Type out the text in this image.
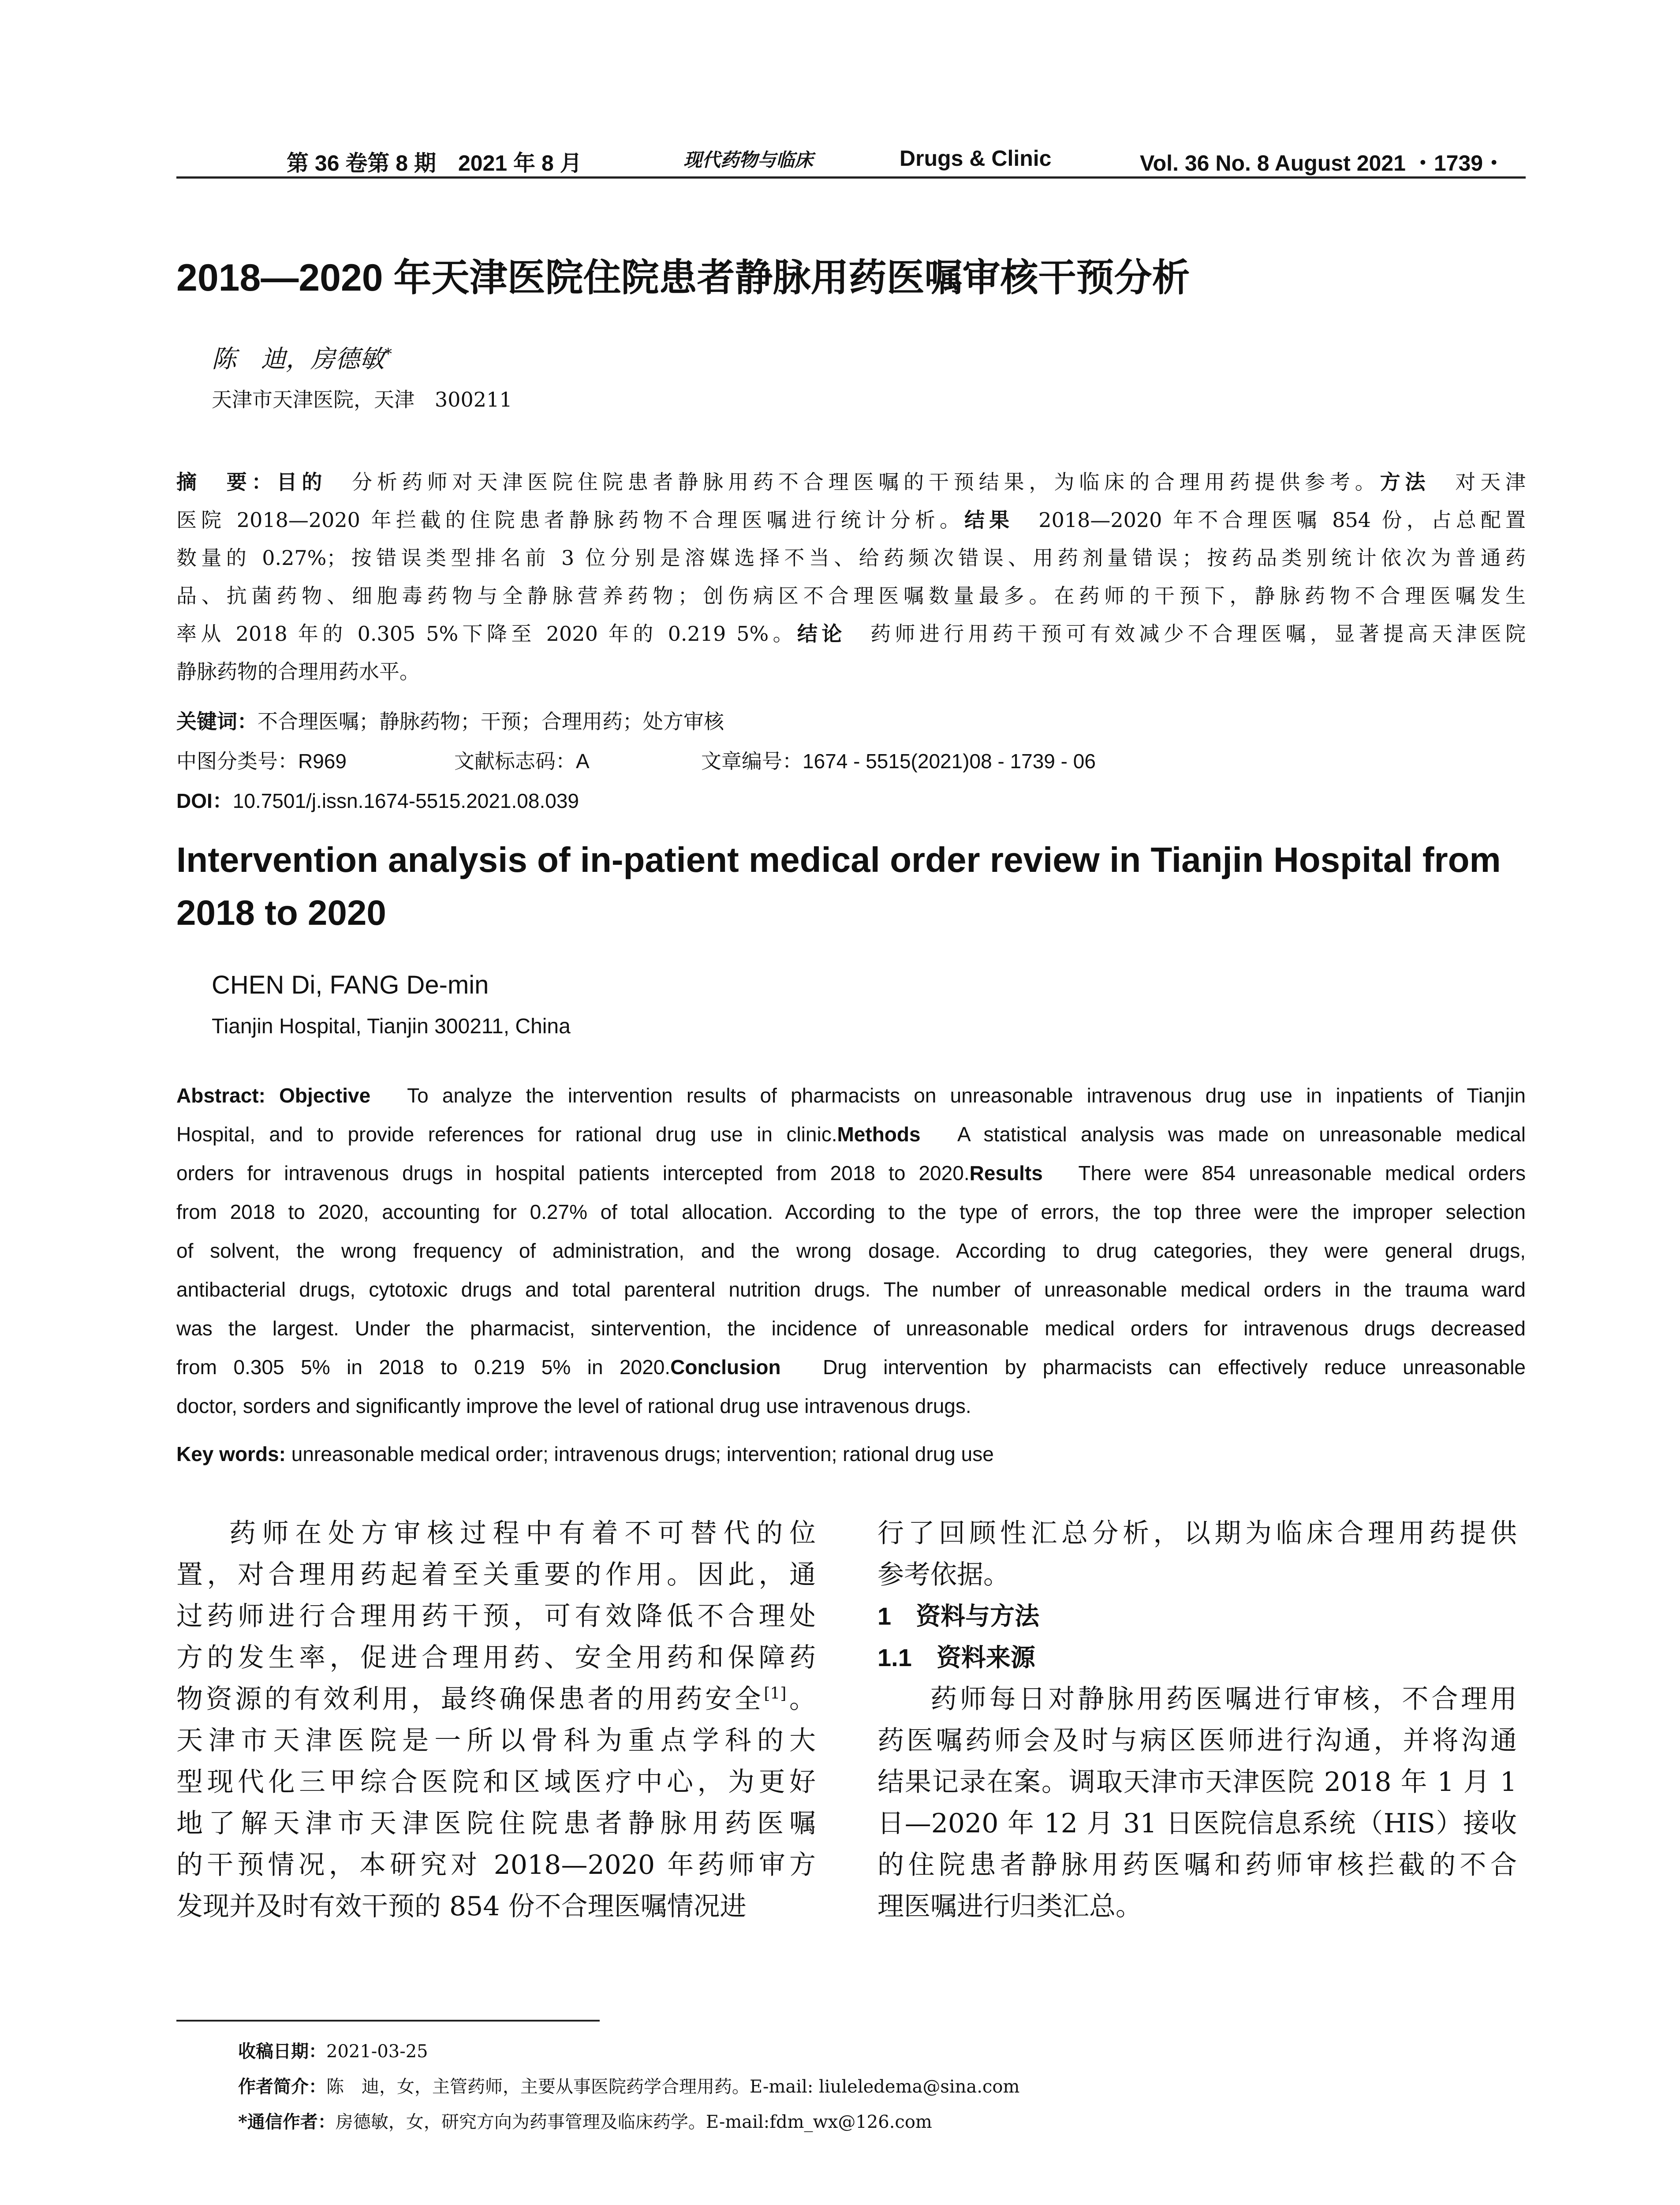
第 36 卷第 8 期　2021 年 8 月	现代药物与临床	Drugs & Clinic	Vol. 36 No. 8 August 2021 ・1739・
2018—2020 年天津医院住院患者静脉用药医嘱审核干预分析
陈　迪，房德敏*
天津市天津医院，天津　300211
摘　要：目的　分析药师对天津医院住院患者静脉用药不合理医嘱的干预结果，为临床的合理用药提供参考。方法　对天津
医院 2018—2020 年拦截的住院患者静脉药物不合理医嘱进行统计分析。结果　2018—2020 年不合理医嘱 854 份，占总配置
数量的 0.27%；按错误类型排名前 3 位分别是溶媒选择不当、给药频次错误、用药剂量错误；按药品类别统计依次为普通药
品、抗菌药物、细胞毒药物与全静脉营养药物；创伤病区不合理医嘱数量最多。在药师的干预下，静脉药物不合理医嘱发生
率从 2018 年的 0.305 5%下降至 2020 年的 0.219 5%。结论　药师进行用药干预可有效减少不合理医嘱，显著提高天津医院
静脉药物的合理用药水平。
关键词：不合理医嘱；静脉药物；干预；合理用药；处方审核
中图分类号：R969	文献标志码：A	文章编号：1674 - 5515(2021)08 - 1739 - 06
DOI：10.7501/j.issn.1674-5515.2021.08.039
Intervention analysis of in-patient medical order review in Tianjin Hospital from 2018 to 2020
CHEN Di, FANG De-min
Tianjin Hospital, Tianjin 300211, China
Abstract: Objective　To analyze the intervention results of pharmacists on unreasonable intravenous drug use in inpatients of Tianjin
Hospital, and to provide references for rational drug use in clinic.Methods　A statistical analysis was made on unreasonable medical
orders for intravenous drugs in hospital patients intercepted from 2018 to 2020.Results　There were 854 unreasonable medical orders
from 2018 to 2020, accounting for 0.27% of total allocation. According to the type of errors, the top three were the improper selection
of solvent, the wrong frequency of administration, and the wrong dosage. According to drug categories, they were general drugs,
antibacterial drugs, cytotoxic drugs and total parenteral nutrition drugs. The number of unreasonable medical orders in the trauma ward
was the largest. Under the pharmacist, sintervention, the incidence of unreasonable medical orders for intravenous drugs decreased
from 0.305 5% in 2018 to 0.219 5% in 2020.Conclusion　Drug intervention by pharmacists can effectively reduce unreasonable
doctor, sorders and significantly improve the level of rational drug use intravenous drugs.
Key words: unreasonable medical order; intravenous drugs; intervention; rational drug use
药师在处方审核过程中有着不可替代的位
置，对合理用药起着至关重要的作用。因此，通
过药师进行合理用药干预，可有效降低不合理处
方的发生率，促进合理用药、安全用药和保障药
物资源的有效利用，最终确保患者的用药安全[1]。
天津市天津医院是一所以骨科为重点学科的大
型现代化三甲综合医院和区域医疗中心，为更好
地了解天津市天津医院住院患者静脉用药医嘱
的干预情况，本研究对 2018—2020 年药师审方
发现并及时有效干预的 854 份不合理医嘱情况进
行了回顾性汇总分析，以期为临床合理用药提供
参考依据。
1　资料与方法
1.1　资料来源
药师每日对静脉用药医嘱进行审核，不合理用
药医嘱药师会及时与病区医师进行沟通，并将沟通
结果记录在案。调取天津市天津医院 2018 年 1 月 1
日—2020 年 12 月 31 日医院信息系统（HIS）接收
的住院患者静脉用药医嘱和药师审核拦截的不合
理医嘱进行归类汇总。
收稿日期：2021-03-25
作者简介：陈　迪，女，主管药师，主要从事医院药学合理用药。E-mail: liuleledema@sina.com
*通信作者：房德敏，女，研究方向为药事管理及临床药学。E-mail:fdm_wx@126.com
